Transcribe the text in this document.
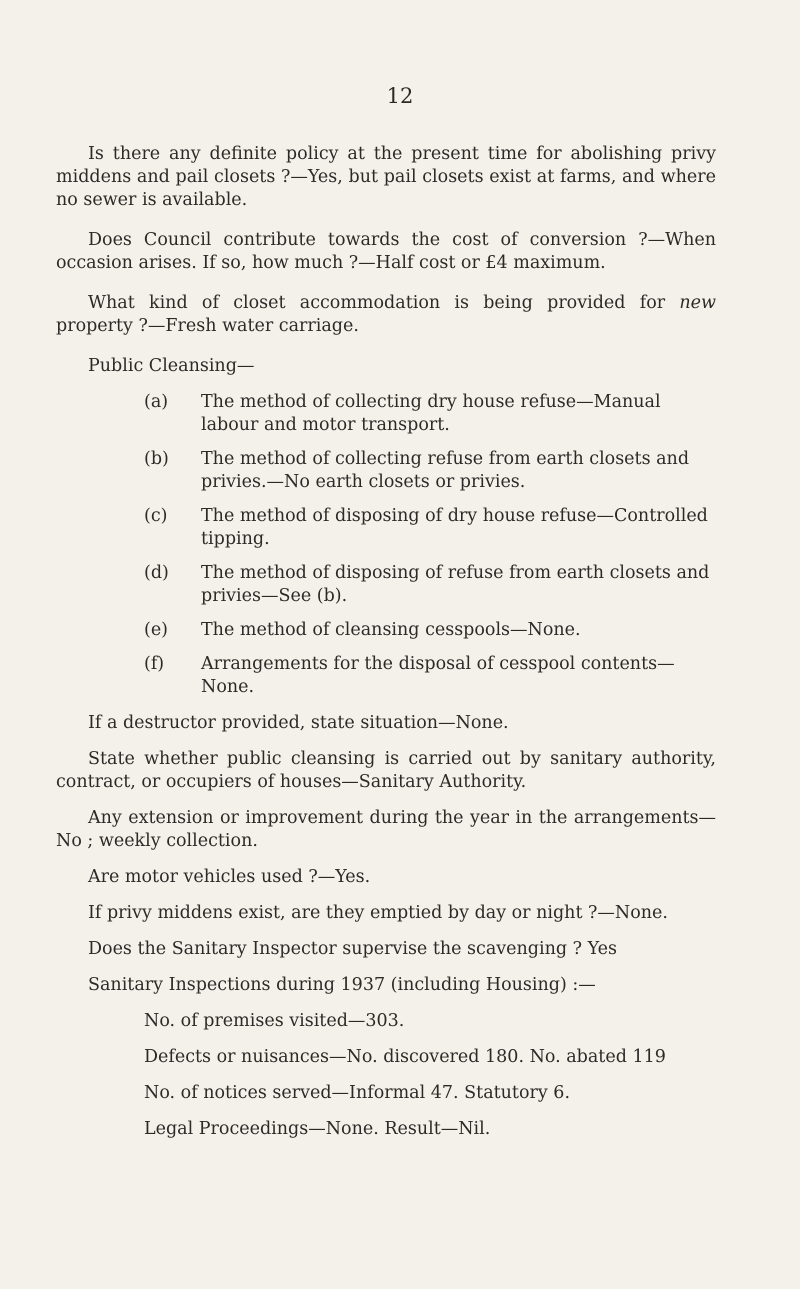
12

Is there any definite policy at the present time for abolishing privy middens and pail closets ?—Yes, but pail closets exist at farms, and where no sewer is available.

Does Council contribute towards the cost of conversion ?—When occasion arises. If so, how much ?—Half cost or £4 maximum.

What kind of closet accommodation is being provided for new property ?—Fresh water carriage.

Public Cleansing—

(a) The method of collecting dry house refuse—Manual labour and motor transport.
(b) The method of collecting refuse from earth closets and privies.—No earth closets or privies.
(c) The method of disposing of dry house refuse—Controlled tipping.
(d) The method of disposing of refuse from earth closets and privies—See (b).
(e) The method of cleansing cesspools—None.
(f) Arrangements for the disposal of cesspool contents—None.

If a destructor provided, state situation—None.

State whether public cleansing is carried out by sanitary authority, contract, or occupiers of houses—Sanitary Authority.

Any extension or improvement during the year in the arrangements—No ; weekly collection.

Are motor vehicles used ?—Yes.

If privy middens exist, are they emptied by day or night ?—None.

Does the Sanitary Inspector supervise the scavenging ? Yes

Sanitary Inspections during 1937 (including Housing) :—

No. of premises visited—303.

Defects or nuisances—No. discovered 180. No. abated 119

No. of notices served—Informal 47. Statutory 6.

Legal Proceedings—None. Result—Nil.
